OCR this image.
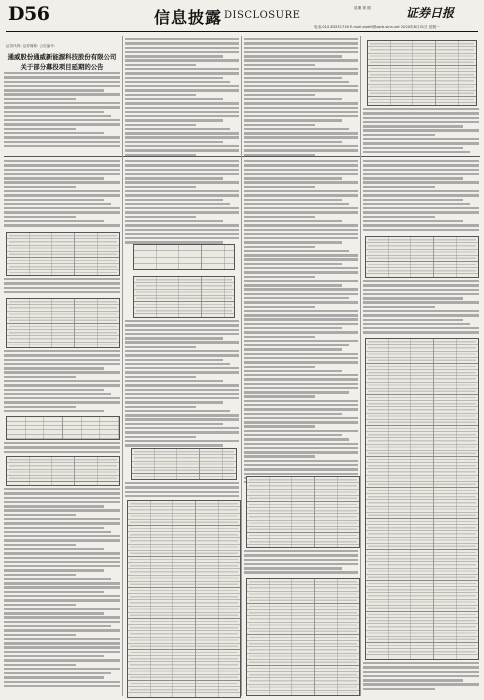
D56	信息披露 DISCLOSURE
星期 第 期	证券日报
电话:010-83251716 E-mail:zqrb9@zqrb.sina.net 2020年8月31日 星期一
证券代码: 证券简称: 公告编号:
通威股份通威新能源科技股份有限公司
关于部分募投项目延期的公告
